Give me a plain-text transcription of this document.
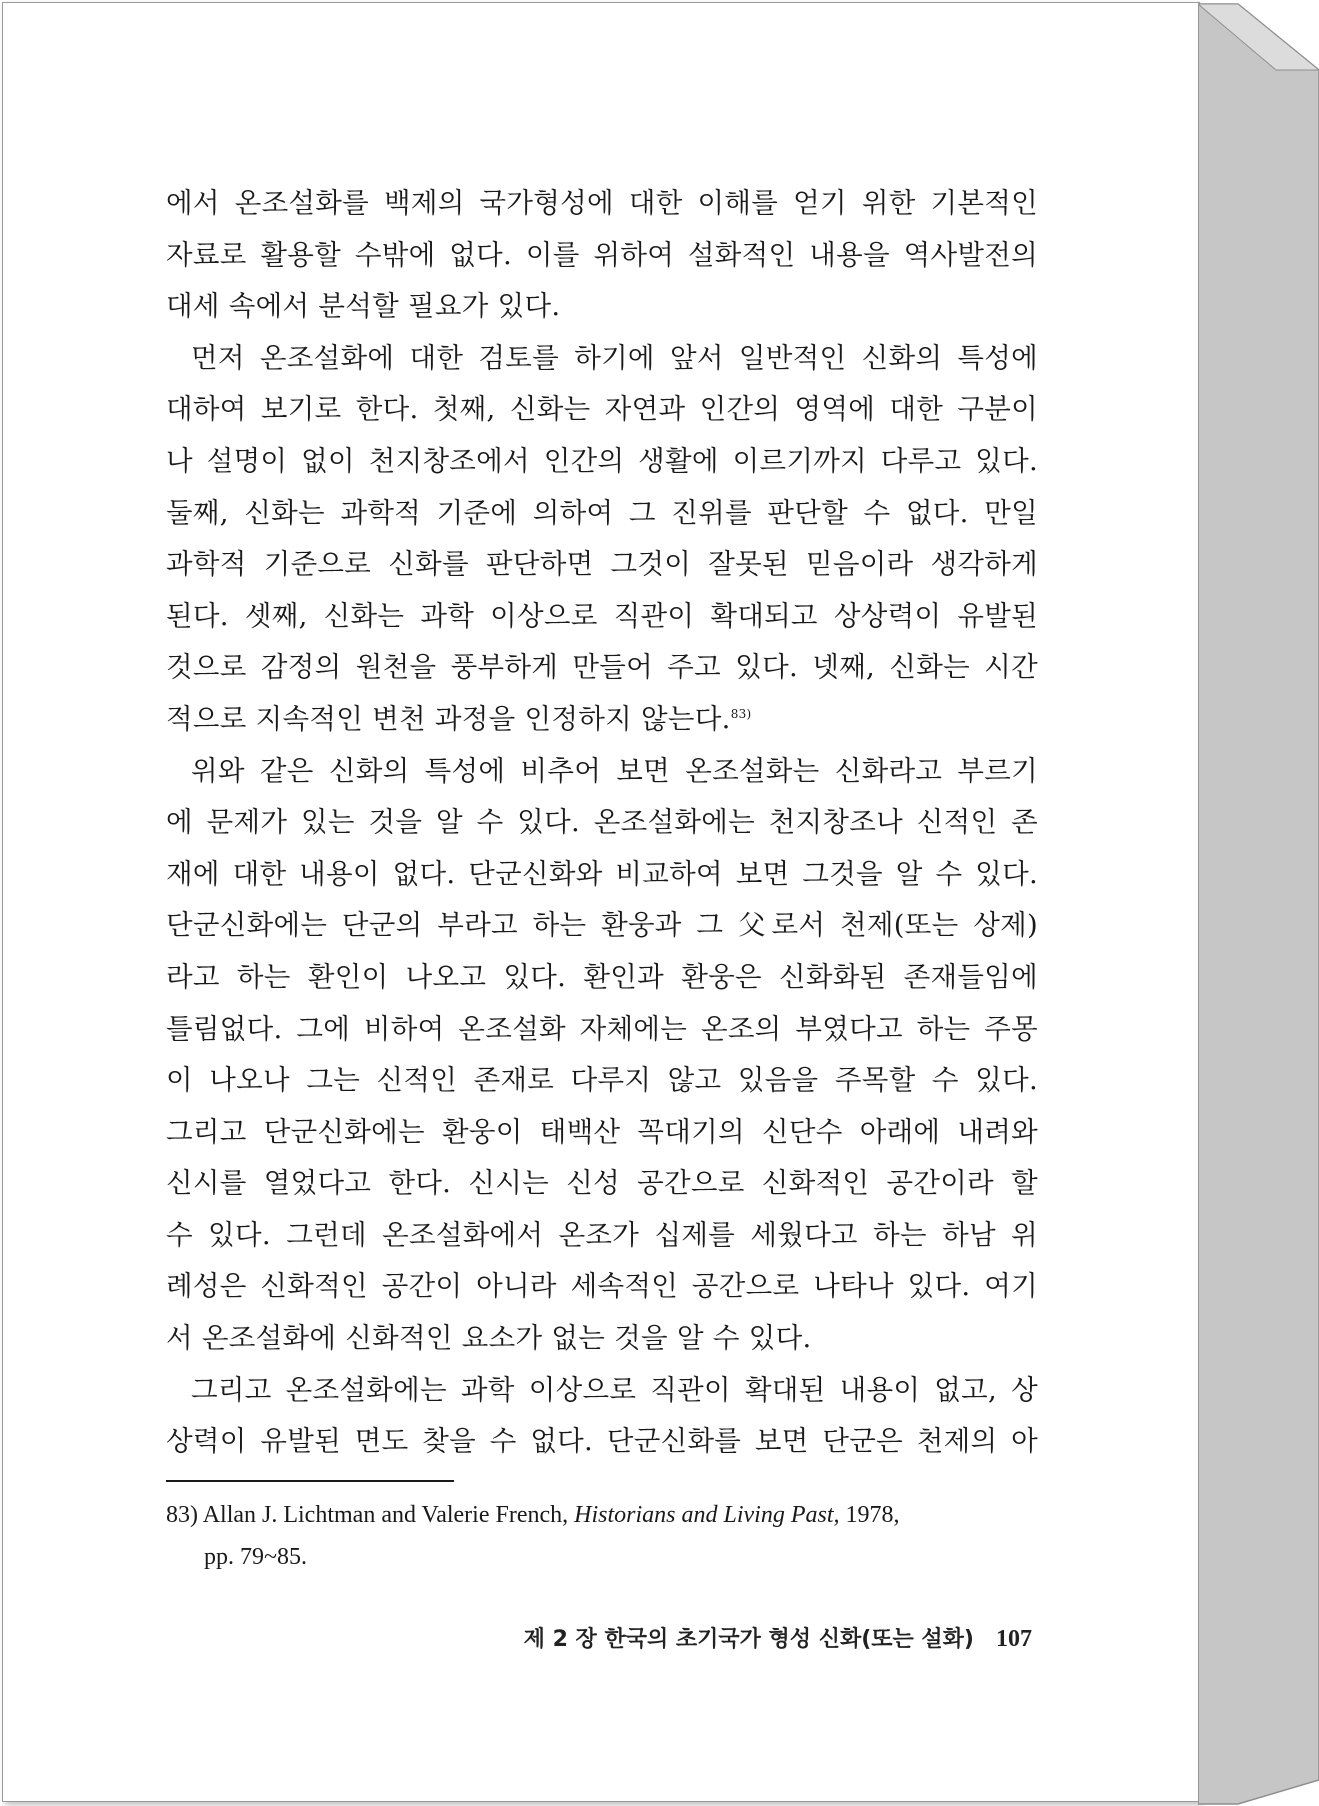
에서 온조설화를 백제의 국가형성에 대한 이해를 얻기 위한 기본적인
자료로 활용할 수밖에 없다. 이를 위하여 설화적인 내용을 역사발전의
대세 속에서 분석할 필요가 있다.
먼저 온조설화에 대한 검토를 하기에 앞서 일반적인 신화의 특성에
대하여 보기로 한다. 첫째, 신화는 자연과 인간의 영역에 대한 구분이
나 설명이 없이 천지창조에서 인간의 생활에 이르기까지 다루고 있다.
둘째, 신화는 과학적 기준에 의하여 그 진위를 판단할 수 없다. 만일
과학적 기준으로 신화를 판단하면 그것이 잘못된 믿음이라 생각하게
된다. 셋째, 신화는 과학 이상으로 직관이 확대되고 상상력이 유발된
것으로 감정의 원천을 풍부하게 만들어 주고 있다. 넷째, 신화는 시간
적으로 지속적인 변천 과정을 인정하지 않는다.$^{83)}$
위와 같은 신화의 특성에 비추어 보면 온조설화는 신화라고 부르기
에 문제가 있는 것을 알 수 있다. 온조설화에는 천지창조나 신적인 존
재에 대한 내용이 없다. 단군신화와 비교하여 보면 그것을 알 수 있다.
단군신화에는 단군의 부라고 하는 환웅과 그 父로서 천제(또는 상제)
라고 하는 환인이 나오고 있다. 환인과 환웅은 신화화된 존재들임에
틀림없다. 그에 비하여 온조설화 자체에는 온조의 부였다고 하는 주몽
이 나오나 그는 신적인 존재로 다루지 않고 있음을 주목할 수 있다.
그리고 단군신화에는 환웅이 태백산 꼭대기의 신단수 아래에 내려와
신시를 열었다고 한다. 신시는 신성 공간으로 신화적인 공간이라 할
수 있다. 그런데 온조설화에서 온조가 십제를 세웠다고 하는 하남 위
례성은 신화적인 공간이 아니라 세속적인 공간으로 나타나 있다. 여기
서 온조설화에 신화적인 요소가 없는 것을 알 수 있다.
그리고 온조설화에는 과학 이상으로 직관이 확대된 내용이 없고, 상
상력이 유발된 면도 찾을 수 없다. 단군신화를 보면 단군은 천제의 아
83) Allan J. Lichtman and Valerie French, Historians and Living Past, 1978,
pp. 79~85.
제 2 장 한국의 초기국가 형성 신화(또는 설화) 107
